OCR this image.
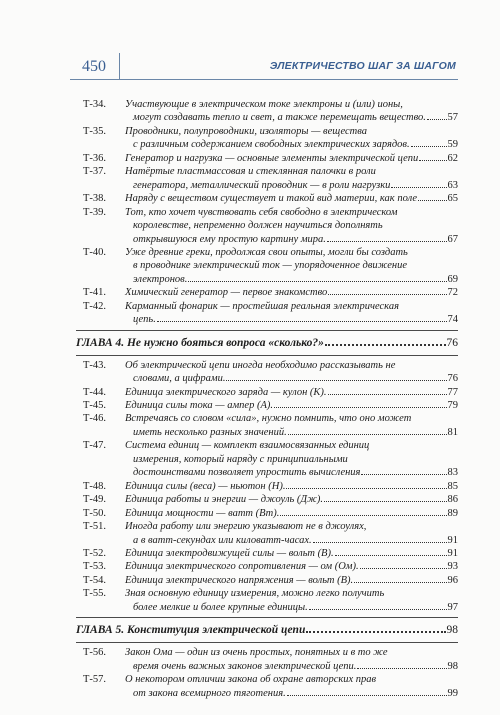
450	ЭЛЕКТРИЧЕСТВО ШАГ ЗА ШАГОМ
Т-34.	Участвующие в электрическом токе электроны и (или) ионы,
могут создавать тепло и свет, а также перемещать вещество. 57
Т-35.	Проводники, полупроводники, изоляторы — вещества
с различным содержанием свободных электрических зарядов.	59
Т-36.	Генератор и нагрузка — основные элементы электрической цепи	62
Т-37.	Натёртые пластмассовая и стеклянная палочки в роли
генератора, металлический проводник — в роли нагрузки	63
Т-38.	Наряду с веществом существует и такой вид материи, как поле	65
Т-39.	Тот, кто хочет чувствовать себя свободно в электрическом
королевстве, непременно должен научиться дополнять
открывшуюся ему простую картину мира.	67
Т-40.	Уже древние греки, продолжая свои опыты, могли бы создать
в проводнике электрический ток — упорядоченное движение
электронов.	69
Т-41.	Химический генератор — первое знакомство	72
Т-42.	Карманный фонарик — простейшая реальная электрическая
цепь.	74
ГЛАВА 4. Не нужно бояться вопроса «сколько?»	76
Т-43.	Об электрической цепи иногда необходимо рассказывать не
словами, а цифрами.	76
Т-44.	Единица электрического заряда — кулон (К).	77
Т-45.	Единица силы тока — ампер (А).	79
Т-46.	Встречаясь со словом «сила», нужно помнить, что оно может
иметь несколько разных значений.	81
Т-47.	Система единиц — комплект взаимосвязанных единиц
измерения, который наряду с принципиальными
достоинствами позволяет упростить вычисления	83
Т-48.	Единица силы (веса) — ньютон (Н).	85
Т-49.	Единица работы и энергии — джоуль (Дж).	86
Т-50.	Единица мощности — ватт (Вт).	89
Т-51.	Иногда работу или энергию указывают не в джоулях,
а в ватт-секундах или киловатт-часах.	91
Т-52.	Единица электродвижущей силы — вольт (В).	91
Т-53.	Единица электрического сопротивления — ом (Ом).	93
Т-54.	Единица электрического напряжения — вольт (В).	96
Т-55.	Зная основную единицу измерения, можно легко получить
более мелкие и более крупные единицы.	97
ГЛАВА 5. Конституция электрической цепи	98
Т-56.	Закон Ома — один из очень простых, понятных и в то же
время очень важных законов электрической цепи.	98
Т-57.	О некотором отличии закона об охране авторских прав
от закона всемирного тяготения.	99
